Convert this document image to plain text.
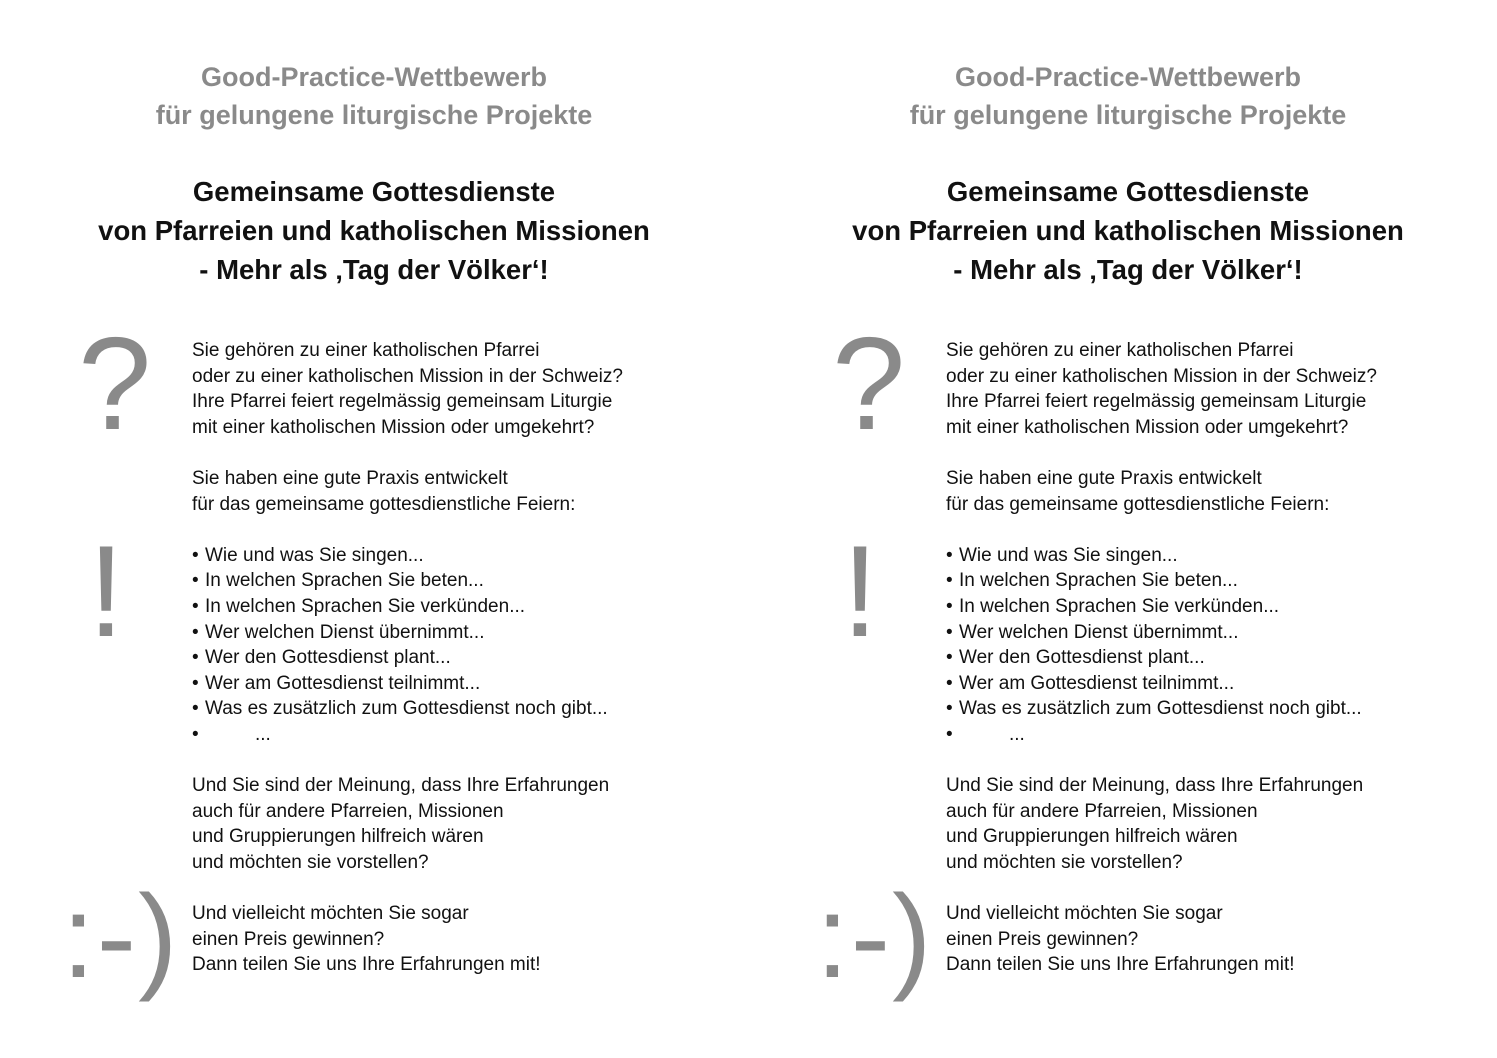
Good-Practice-Wettbewerb
für gelungene liturgische Projekte
Gemeinsame Gottesdienste
von Pfarreien und katholischen Missionen
- Mehr als ‚Tag der Völker‘!
?
!
:-)
Sie gehören zu einer katholischen Pfarrei
oder zu einer katholischen Mission in der Schweiz?
Ihre Pfarrei feiert regelmässig gemeinsam Liturgie
mit einer katholischen Mission oder umgekehrt?
Sie haben eine gute Praxis entwickelt
für das gemeinsame gottesdienstliche Feiern:
• Wie und was Sie singen...
• In welchen Sprachen Sie beten...
• In welchen Sprachen Sie verkünden...
• Wer welchen Dienst übernimmt...
• Wer den Gottesdienst plant...
• Wer am Gottesdienst teilnimmt...
• Was es zusätzlich zum Gottesdienst noch gibt...
•	...
Und Sie sind der Meinung, dass Ihre Erfahrungen
auch für andere Pfarreien, Missionen
und Gruppierungen hilfreich wären
und möchten sie vorstellen?
Und vielleicht möchten Sie sogar
einen Preis gewinnen?
Dann teilen Sie uns Ihre Erfahrungen mit!
Good-Practice-Wettbewerb
für gelungene liturgische Projekte
Gemeinsame Gottesdienste
von Pfarreien und katholischen Missionen
- Mehr als ‚Tag der Völker‘!
?
!
:-)
Sie gehören zu einer katholischen Pfarrei
oder zu einer katholischen Mission in der Schweiz?
Ihre Pfarrei feiert regelmässig gemeinsam Liturgie
mit einer katholischen Mission oder umgekehrt?
Sie haben eine gute Praxis entwickelt
für das gemeinsame gottesdienstliche Feiern:
• Wie und was Sie singen...
• In welchen Sprachen Sie beten...
• In welchen Sprachen Sie verkünden...
• Wer welchen Dienst übernimmt...
• Wer den Gottesdienst plant...
• Wer am Gottesdienst teilnimmt...
• Was es zusätzlich zum Gottesdienst noch gibt...
•	...
Und Sie sind der Meinung, dass Ihre Erfahrungen
auch für andere Pfarreien, Missionen
und Gruppierungen hilfreich wären
und möchten sie vorstellen?
Und vielleicht möchten Sie sogar
einen Preis gewinnen?
Dann teilen Sie uns Ihre Erfahrungen mit!
